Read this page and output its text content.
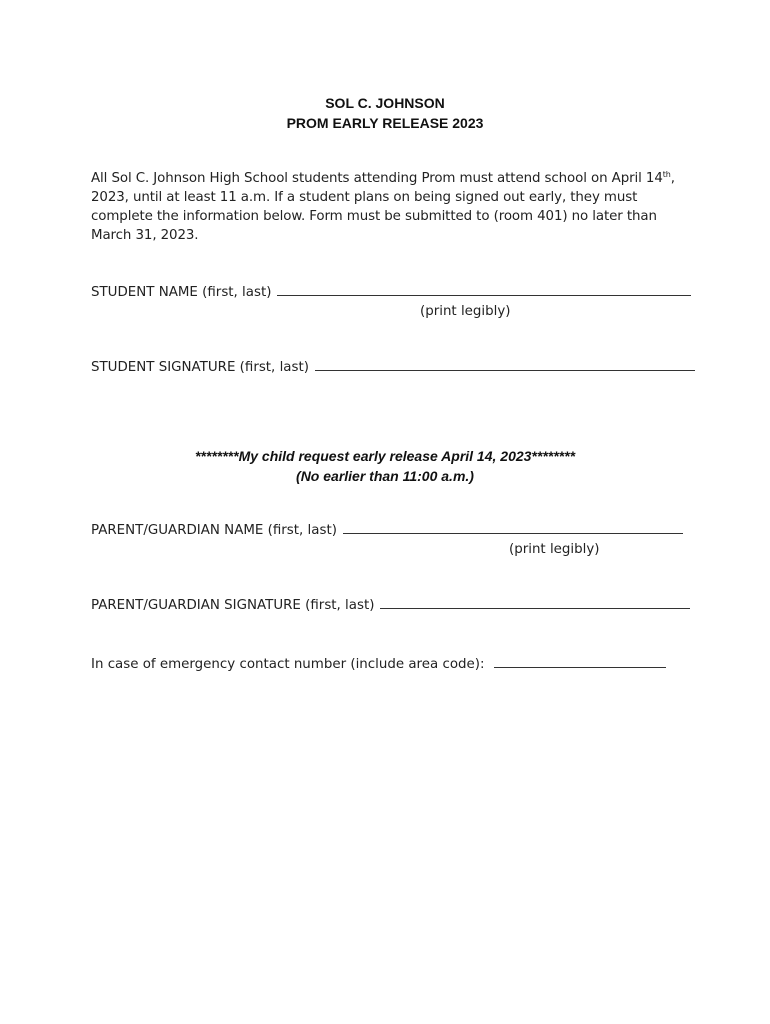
SOL C. JOHNSON
PROM EARLY RELEASE 2023
All Sol C. Johnson High School students attending Prom must attend school on April 14th,
2023, until at least 11 a.m. If a student plans on being signed out early, they must
complete the information below. Form must be submitted to (room 401) no later than
March 31, 2023.
STUDENT NAME (first, last)
(print legibly)
STUDENT SIGNATURE (first, last)
********My child request early release April 14, 2023********
(No earlier than 11:00 a.m.)
PARENT/GUARDIAN NAME (first, last)
(print legibly)
PARENT/GUARDIAN SIGNATURE (first, last)
In case of emergency contact number (include area code):
